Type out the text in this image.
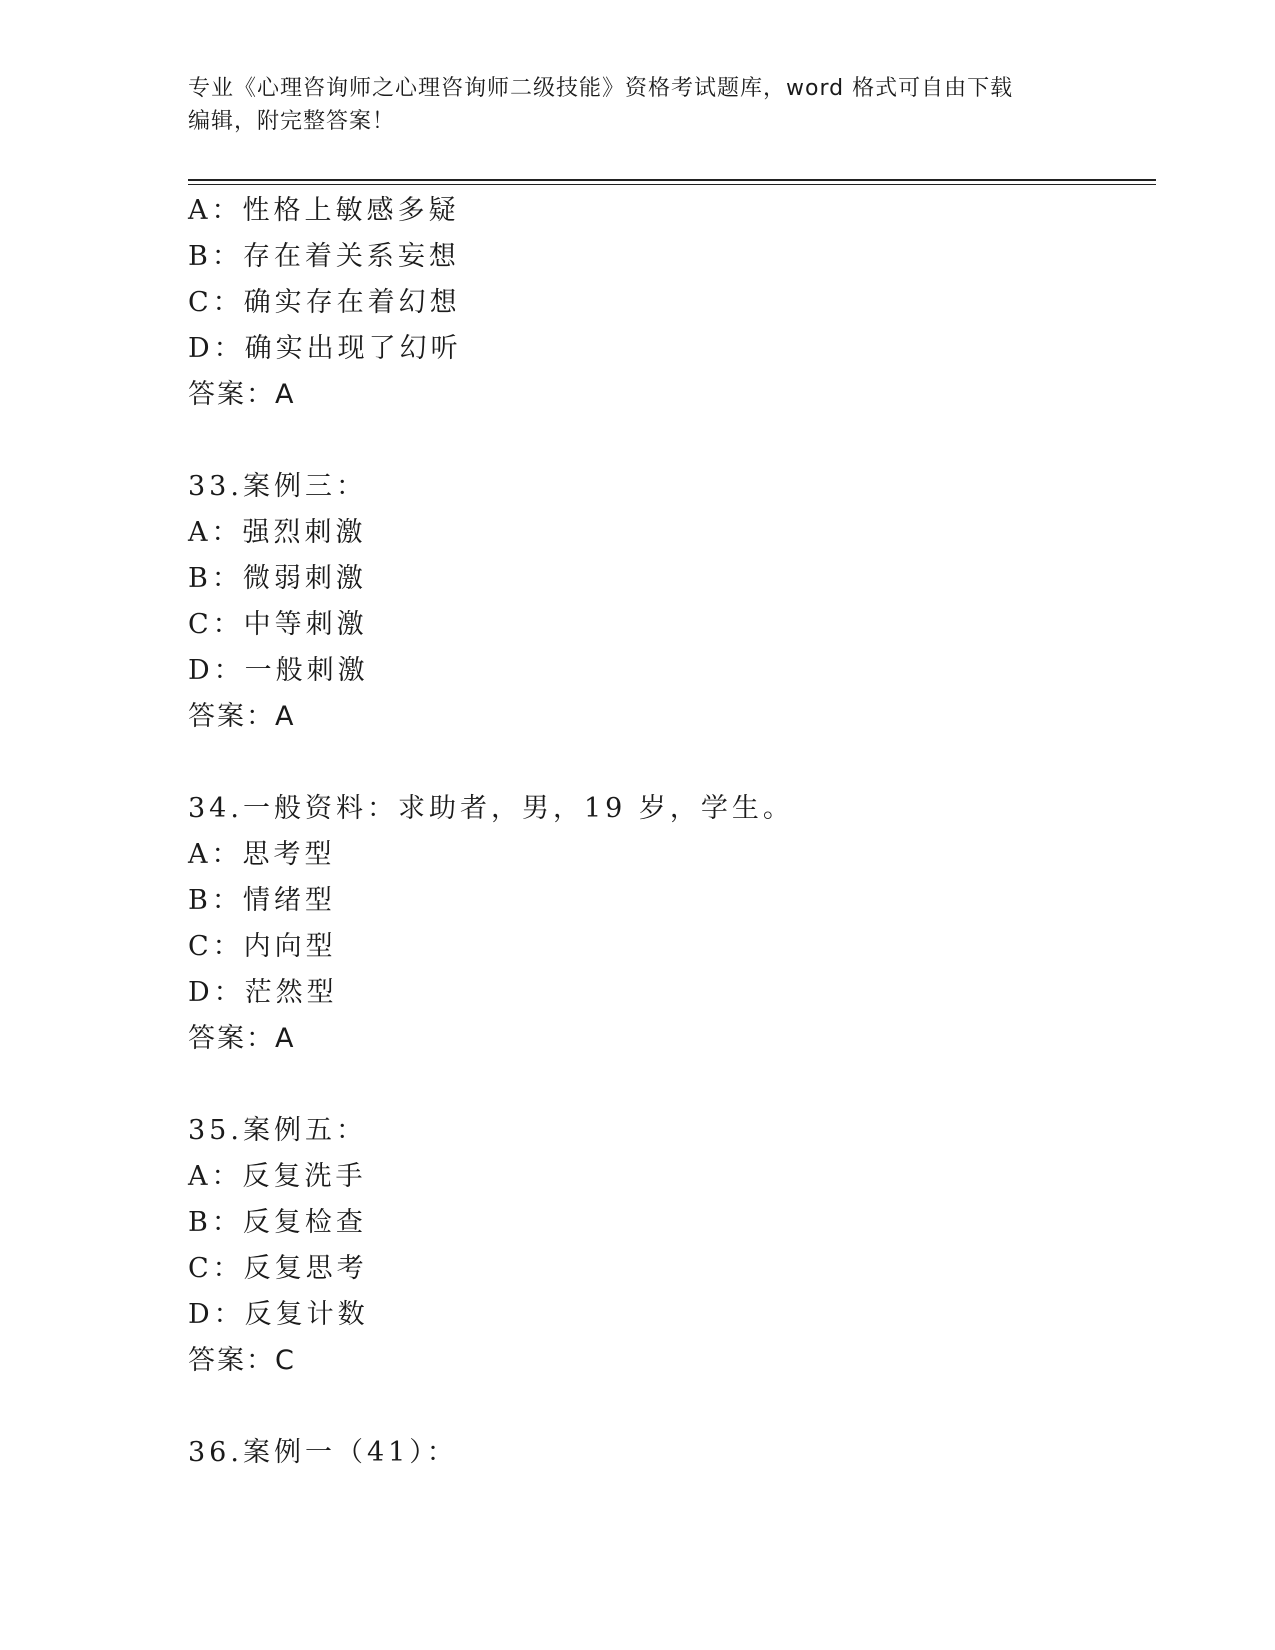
专业《心理咨询师之心理咨询师二级技能》资格考试题库，word 格式可自由下载
编辑，附完整答案！
A：性格上敏感多疑
B：存在着关系妄想
C：确实存在着幻想
D：确实出现了幻听
答案：A
33.案例三：
A：强烈刺激
B：微弱刺激
C：中等刺激
D：一般刺激
答案：A
34.一般资料：求助者，男，19 岁，学生。
A：思考型
B：情绪型
C：内向型
D：茫然型
答案：A
35.案例五：
A：反复洗手
B：反复检查
C：反复思考
D：反复计数
答案：C
36.案例一（41）：
